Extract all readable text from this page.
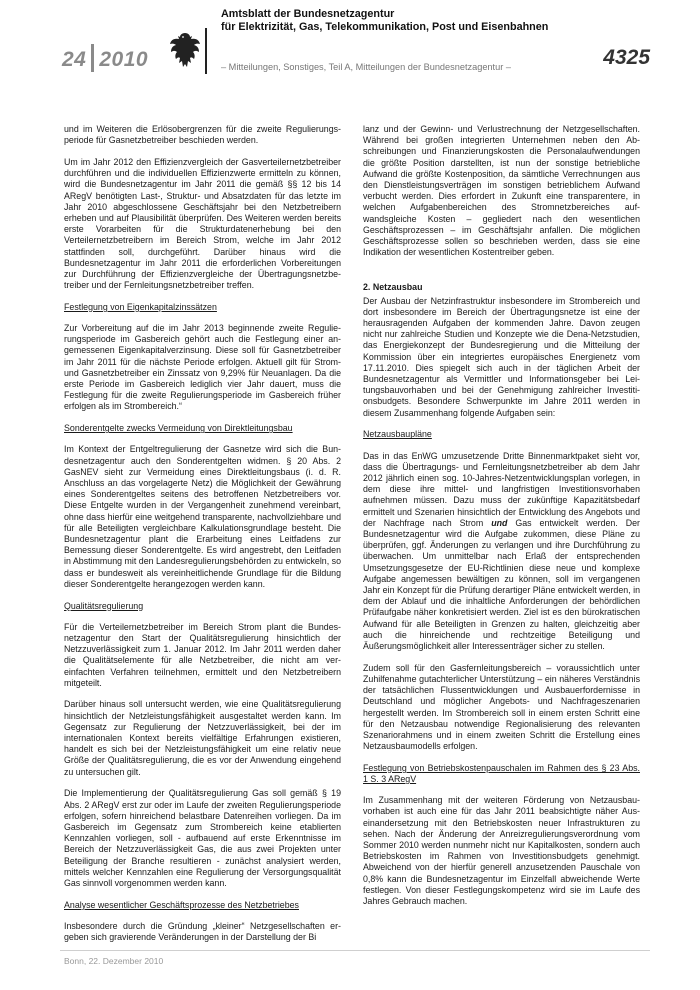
24 2010
Amtsblatt der Bundesnetzagentur
für Elektrizität, Gas, Telekommunikation, Post und Eisenbahnen
– Mitteilungen, Sonstiges, Teil A, Mitteilungen der Bundesnetzagentur –	4325

und im Weiteren die Erlösobergrenzen für die zweite Regulierungsperiode für Gasnetzbetreiber beschieden werden.

Um im Jahr 2012 den Effizienzvergleich der Gasverteilernetzbetreiber durchführen und die individuellen Effizienzwerte ermitteln zu können, wird die Bundesnetzagentur im Jahr 2011 die gemäß §§ 12 bis 14 ARegV benötigten Last-, Struktur- und Absatzdaten für das letzte im Jahr 2010 abgeschlossene Geschäftsjahr bei den Netzbetreibern erheben und auf Plausibilität überprüfen. Des Weiteren werden bereits erste Vorarbeiten für die Strukturdatenerhebung bei den Verteilernetzbetreibern im Bereich Strom, welche im Jahr 2012 stattfinden soll, durchgeführt. Darüber hinaus wird die Bundesnetzagentur im Jahr 2011 die erforderlichen Vorbereitungen zur Durchführung der Effizienzvergleiche der Übertragungsnetzbetreiber und der Fernleitungsnetzbetreiber treffen.

Festlegung von Eigenkapitalzinssätzen

Zur Vorbereitung auf die im Jahr 2013 beginnende zweite Regulierungsperiode im Gasbereich gehört auch die Festlegung einer angemessenen Eigenkapitalverzinsung. Diese soll für Gasnetzbetreiber im Jahr 2011 für die nächste Periode erfolgen. Aktuell gilt für Strom- und Gasnetzbetreiber ein Zinssatz von 9,29% für Neuanlagen. Da die erste Periode im Gasbereich lediglich vier Jahr dauert, muss die Festlegung für die zweite Regulierungsperiode im Gasbereich früher erfolgen als im Strombereich.“

Sonderentgelte zwecks Vermeidung von Direktleitungsbau

Im Kontext der Entgeltregulierung der Gasnetze wird sich die Bundesnetzagentur auch den Sonderentgelten widmen. § 20 Abs. 2 GasNEV sieht zur Vermeidung eines Direktleitungsbaus (i. d. R. Anschluss an das vorgelagerte Netz) die Möglichkeit der Gewährung eines Sonderentgeltes seitens des betroffenen Netzbetreibers vor. Diese Entgelte wurden in der Vergangenheit zunehmend vereinbart, ohne dass hierfür eine weitgehend transparente, nachvollziehbare und für alle Beteiligten vergleichbare Kalkulationsgrundlage besteht. Die Bundesnetzagentur plant die Erarbeitung eines Leitfadens zur Bemessung dieser Sonderentgelte. Es wird angestrebt, den Leitfaden in Abstimmung mit den Landesregulierungsbehörden zu entwickeln, so dass er bundesweit als vereinheitlichende Grundlage für die Bildung dieser Sonderentgelte herangezogen werden kann.

Qualitätsregulierung

Für die Verteilernetzbetreiber im Bereich Strom plant die Bundesnetzagentur den Start der Qualitätsregulierung hinsichtlich der Netzzuverlässigkeit zum 1. Januar 2012. Im Jahr 2011 werden daher die Qualitätselemente für alle Netzbetreiber, die nicht am vereinfachten Verfahren teilnehmen, ermittelt und den Netzbetreibern mitgeteilt.

Darüber hinaus soll untersucht werden, wie eine Qualitätsregulierung hinsichtlich der Netzleistungsfähigkeit ausgestaltet werden kann. Im Gegensatz zur Regulierung der Netzzuverlässigkeit, bei der im internationalen Kontext bereits vielfältige Erfahrungen existieren, handelt es sich bei der Netzleistungsfähigkeit um eine relativ neue Größe der Qualitätsregulierung, die es vor der Anwendung eingehend zu untersuchen gilt.

Die Implementierung der Qualitätsregulierung Gas soll gemäß § 19 Abs. 2 ARegV erst zur oder im Laufe der zweiten Regulierungsperiode erfolgen, sofern hinreichend belastbare Datenreihen vorliegen. Da im Gasbereich im Gegensatz zum Strombereich keine etablierten Kennzahlen vorliegen, soll - aufbauend auf erste Erkenntnisse im Bereich der Netzzuverlässigkeit Gas, die aus zwei Projekten unter Beteiligung der Branche resultieren - zunächst analysiert werden, mittels welcher Kennzahlen eine Regulierung der Versorgungsqualität Gas sinnvoll vorgenommen werden kann.

Analyse wesentlicher Geschäftsprozesse des Netzbetriebes

Insbesondere durch die Gründung „kleiner“ Netzgesellschaften ergeben sich gravierende Veränderungen in der Darstellung der Bi

lanz und der Gewinn- und Verlustrechnung der Netzgesellschaften. Während bei großen integrierten Unternehmen neben den Abschreibungen und Finanzierungskosten die Personalaufwendungen die größte Position darstellten, ist nun der sonstige betriebliche Aufwand die größte Kostenposition, da sämtliche Verrechnungen aus den Dienstleistungsverträgen im sonstigen betrieblichem Aufwand verbucht werden. Dies erfordert in Zukunft eine transparentere, in welchen Aufgabenbereichen des Stromnetzbereiches aufwandsgleiche Kosten – gegliedert nach den wesentlichen Geschäftsprozessen – im Geschäftsjahr anfallen. Die möglichen Geschäftsprozesse sollen so beschrieben werden, dass sie eine Indikation der wesentlichen Kostentreiber geben.

2. Netzausbau

Der Ausbau der Netzinfrastruktur insbesondere im Strombereich und dort insbesondere im Bereich der Übertragungsnetze ist eine der herausragenden Aufgaben der kommenden Jahre. Davon zeugen nicht nur zahlreiche Studien und Konzepte wie die Dena-Netzstudien, das Energiekonzept der Bundesregierung und die Mitteilung der Kommission über ein integriertes europäisches Energienetz vom 17.11.2010. Dies spiegelt sich auch in der täglichen Arbeit der Bundesnetzagentur als Vermittler und Informationsgeber bei Leitungsbauvorhaben und bei der Genehmigung zahlreicher Investitionsbudgets. Besondere Schwerpunkte im Jahre 2011 werden in diesem Zusammenhang folgende Aufgaben sein:

Netzausbaupläne

Das in das EnWG umzusetzende Dritte Binnenmarktpaket sieht vor, dass die Übertragungs- und Fernleitungsnetzbetreiber ab dem Jahr 2012 jährlich einen sog. 10-Jahres-Netzentwicklungsplan vorlegen, in dem diese ihre mittel- und langfristigen Investitionsvorhaben aufnehmen müssen. Dazu muss der zukünftige Kapazitätsbedarf ermittelt und Szenarien hinsichtlich der Entwicklung des Angebots und der Nachfrage nach Strom und Gas entwickelt werden. Der Bundesnetzagentur wird die Aufgabe zukommen, diese Pläne zu überprüfen, ggf. Änderungen zu verlangen und ihre Durchführung zu überwachen. Um unmittelbar nach Erlaß der entsprechenden Umsetzungsgesetze der EU-Richtlinien diese neue und komplexe Aufgabe angemessen bewältigen zu können, soll im vergangenen Jahr ein Konzept für die Prüfung derartiger Pläne entwickelt werden, in dem der Ablauf und die inhaltliche Anforderungen der behördlichen Prüfaufgabe näher konkretisiert werden. Ziel ist es den bürokratischen Aufwand für alle Beteiligten in Grenzen zu halten, gleichzeitig aber auch die hinreichende und rechtzeitige Beteiligung und Äußerungsmöglichkeit aller Interessenträger sicher zu stellen.

Zudem soll für den Gasfernleitungsbereich – voraussichtlich unter Zuhilfenahme gutachterlicher Unterstützung – ein näheres Verständnis der tatsächlichen Flussentwicklungen und Ausbauerfordernisse in Deutschland und möglicher Angebots- und Nachfrageszenarien hergestellt werden. Im Strombereich soll in einem ersten Schritt eine für den Netzausbau notwendige Regionalisierung des relevanten Szenariorahmens und in einem zweiten Schritt die Erstellung eines Netzausbaumodells erfolgen.

Festlegung von Betriebskostenpauschalen im Rahmen des § 23 Abs. 1 S. 3 ARegV

Im Zusammenhang mit der weiteren Förderung von Netzausbauvorhaben ist auch eine für das Jahr 2011 beabsichtigte näher Auseinandersetzung mit den Betriebskosten neuer Infrastrukturen zu sehen. Nach der Änderung der Anreizregulierungsverordnung vom Sommer 2010 werden nunmehr nicht nur Kapitalkosten, sondern auch Betriebskosten im Rahmen von Investitionsbudgets genehmigt. Abweichend von der hierfür generell anzusetzenden Pauschale von 0,8% kann die Bundesnetzagentur im Einzelfall abweichende Werte festlegen. Von dieser Festlegungskompetenz wird sie im Laufe des Jahres Gebrauch machen.

Bonn, 22. Dezember 2010
